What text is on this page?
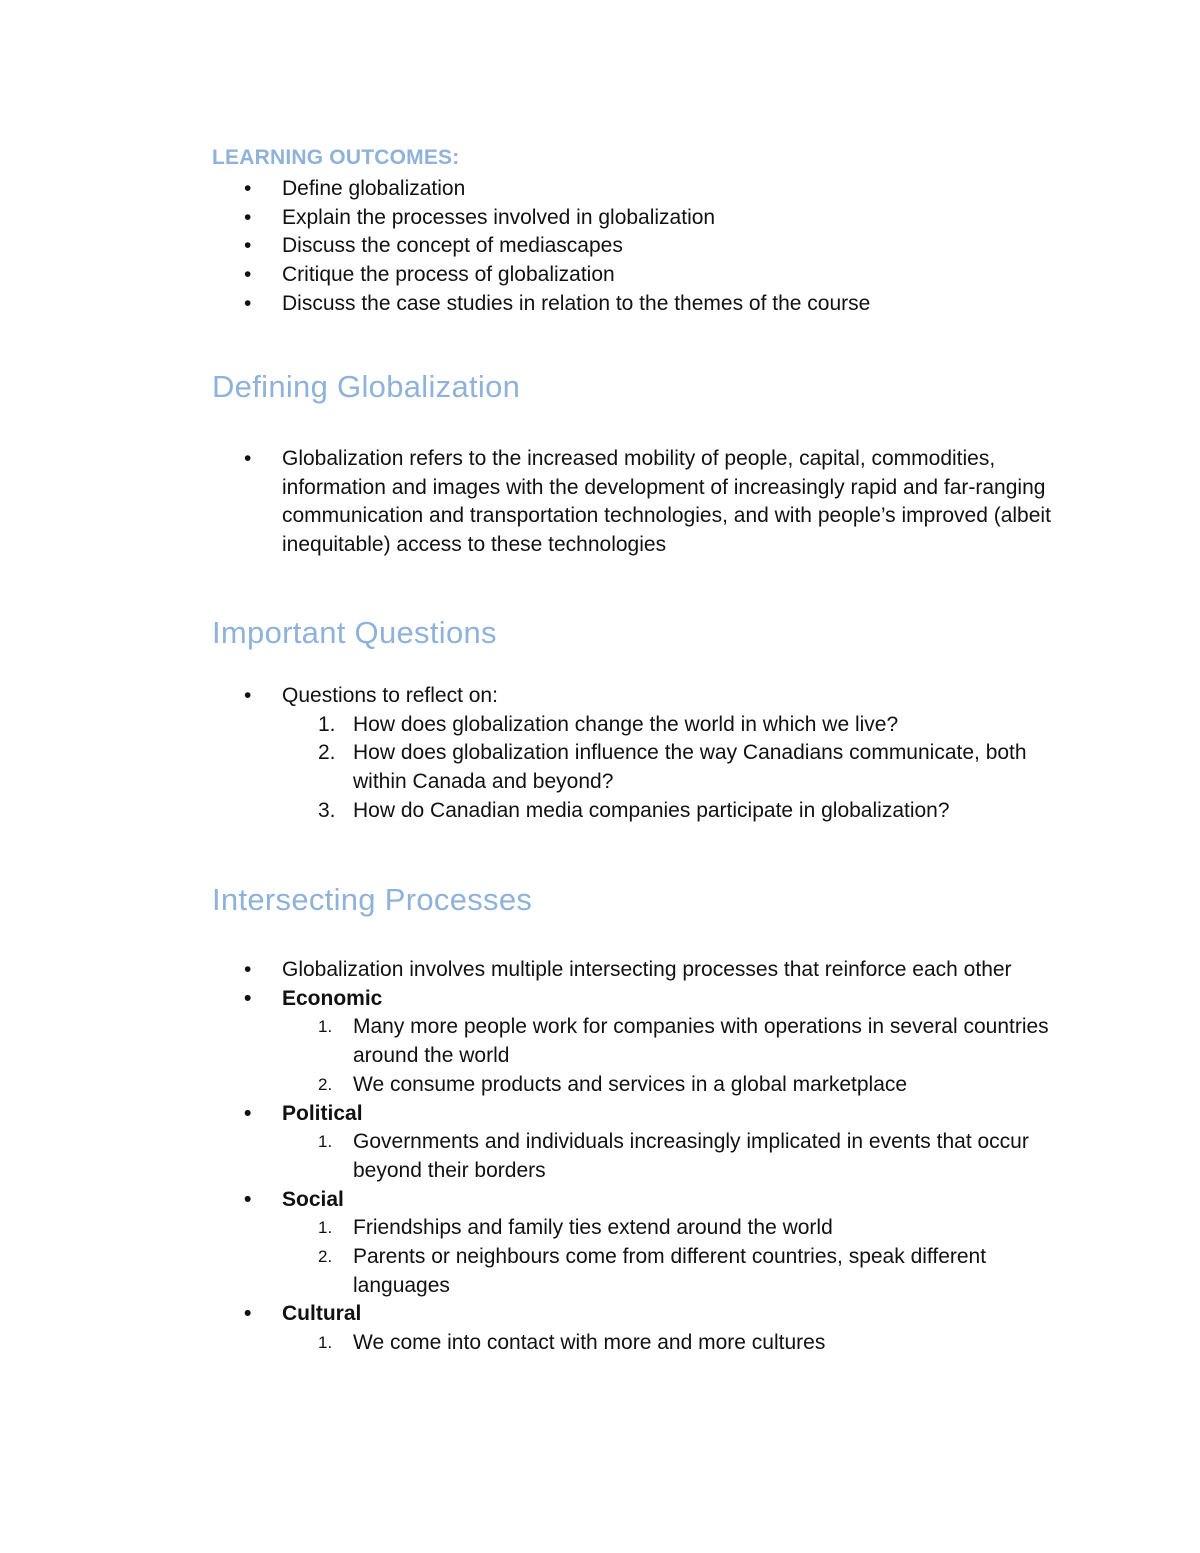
LEARNING OUTCOMES:
• Define globalization
• Explain the processes involved in globalization
• Discuss the concept of mediascapes
• Critique the process of globalization
• Discuss the case studies in relation to the themes of the course
Defining Globalization
• Globalization refers to the increased mobility of people, capital, commodities, information and images with the development of increasingly rapid and far-ranging communication and transportation technologies, and with people’s improved (albeit inequitable) access to these technologies
Important Questions
• Questions to reflect on:
1. How does globalization change the world in which we live?
2. How does globalization influence the way Canadians communicate, both within Canada and beyond?
3. How do Canadian media companies participate in globalization?
Intersecting Processes
• Globalization involves multiple intersecting processes that reinforce each other
• Economic
1. Many more people work for companies with operations in several countries around the world
2. We consume products and services in a global marketplace
• Political
1. Governments and individuals increasingly implicated in events that occur beyond their borders
• Social
1. Friendships and family ties extend around the world
2. Parents or neighbours come from different countries, speak different languages
• Cultural
1. We come into contact with more and more cultures
